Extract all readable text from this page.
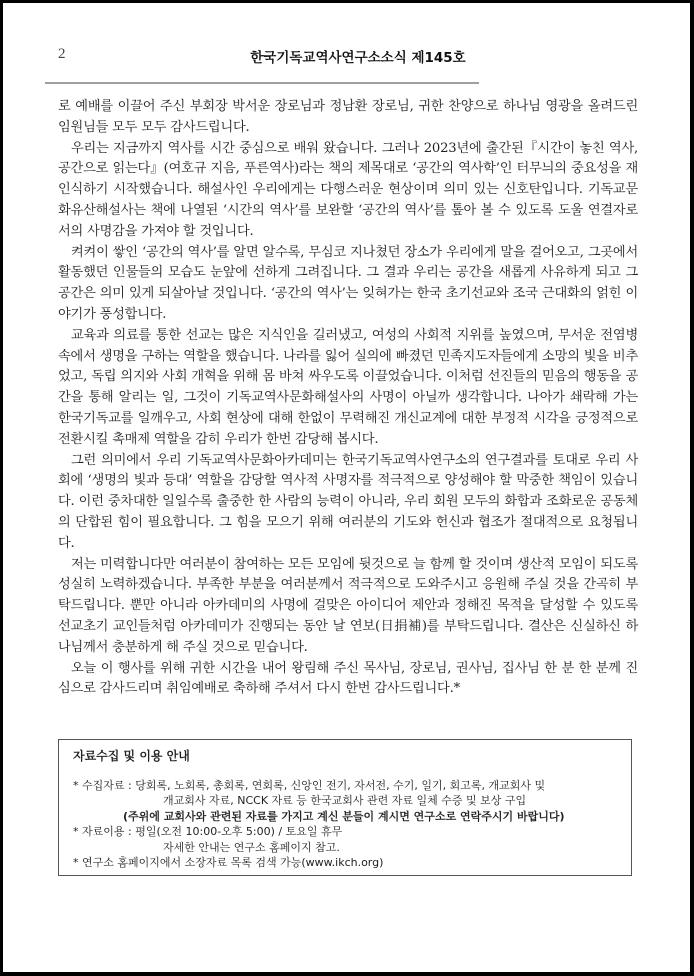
2	한국기독교역사연구소소식 제145호

로 예배를 이끌어 주신 부회장 박서운 장로님과 정남환 장로님, 귀한 찬양으로 하나님 영광을 올려드린 임원님들 모두 모두 감사드립니다.

우리는 지금까지 역사를 시간 중심으로 배워 왔습니다. 그러나 2023년에 출간된『시간이 놓친 역사, 공간으로 읽는다』(여호규 지음, 푸른역사)라는 책의 제목대로 ‘공간의 역사학’인 터무늬의 중요성을 재인식하기 시작했습니다. 해설사인 우리에게는 다행스러운 현상이며 의미 있는 신호탄입니다. 기독교문화유산해설사는 책에 나열된 ‘시간의 역사’를 보완할 ‘공간의 역사’를 톺아 볼 수 있도록 도울 연결자로서의 사명감을 가져야 할 것입니다.

켜켜이 쌓인 ‘공간의 역사’를 알면 알수록, 무심코 지나쳤던 장소가 우리에게 말을 걸어오고, 그곳에서 활동했던 인물들의 모습도 눈앞에 선하게 그려집니다. 그 결과 우리는 공간을 새롭게 사유하게 되고 그 공간은 의미 있게 되살아날 것입니다. ‘공간의 역사’는 잊혀가는 한국 초기선교와 조국 근대화의 얽힌 이야기가 풍성합니다.

교육과 의료를 통한 선교는 많은 지식인을 길러냈고, 여성의 사회적 지위를 높였으며, 무서운 전염병 속에서 생명을 구하는 역할을 했습니다. 나라를 잃어 실의에 빠졌던 민족지도자들에게 소망의 빛을 비추었고, 독립 의지와 사회 개혁을 위해 몸 바쳐 싸우도록 이끌었습니다. 이처럼 선진들의 믿음의 행동을 공간을 통해 알리는 일, 그것이 기독교역사문화해설사의 사명이 아닐까 생각합니다. 나아가 쇄락해 가는 한국기독교를 일깨우고, 사회 현상에 대해 한없이 무력해진 개신교계에 대한 부정적 시각을 긍정적으로 전환시킬 촉매제 역할을 감히 우리가 한번 감당해 봅시다.

그런 의미에서 우리 기독교역사문화아카데미는 한국기독교역사연구소의 연구결과를 토대로 우리 사회에 ‘생명의 빛과 등대’ 역할을 감당할 역사적 사명자를 적극적으로 양성해야 할 막중한 책임이 있습니다. 이런 중차대한 일일수록 출중한 한 사람의 능력이 아니라, 우리 회원 모두의 화합과 조화로운 공동체의 단합된 힘이 필요합니다. 그 힘을 모으기 위해 여러분의 기도와 헌신과 협조가 절대적으로 요청됩니다.

저는 미력합니다만 여러분이 참여하는 모든 모임에 뒷것으로 늘 함께 할 것이며 생산적 모임이 되도록 성실히 노력하겠습니다. 부족한 부분을 여러분께서 적극적으로 도와주시고 응원해 주실 것을 간곡히 부탁드립니다. 뿐만 아니라 아카데미의 사명에 걸맞은 아이디어 제안과 정해진 목적을 달성할 수 있도록 선교초기 교인들처럼 아카데미가 진행되는 동안 날 연보(日捐補)를 부탁드립니다. 결산은 신실하신 하나님께서 충분하게 해 주실 것으로 믿습니다.

오늘 이 행사를 위해 귀한 시간을 내어 왕림해 주신 목사님, 장로님, 권사님, 집사님 한 분 한 분께 진심으로 감사드리며 취임예배로 축하해 주셔서 다시 한번 감사드립니다.*

자료수집 및 이용 안내
* 수집자료 : 당회록, 노회록, 총회록, 연회록, 신앙인 전기, 자서전, 수기, 일기, 회고록, 개교회사 및
개교회사 자료, NCCK 자료 등 한국교회사 관련 자료 일체 수증 및 보상 구입
(주위에 교회사와 관련된 자료를 가지고 계신 분들이 계시면 연구소로 연락주시기 바랍니다)
* 자료이용 : 평일(오전 10:00-오후 5:00) / 토요일 휴무
자세한 안내는 연구소 홈페이지 참고.
* 연구소 홈페이지에서 소장자료 목록 검색 가능(www.ikch.org)
